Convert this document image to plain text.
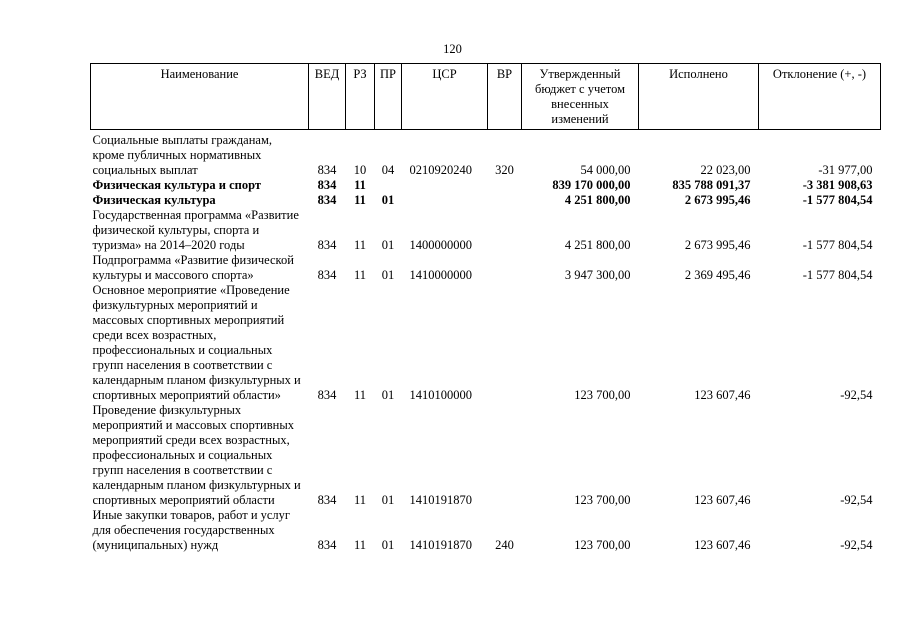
120
Наименование	ВЕД	РЗ	ПР	ЦСР	ВР	Утвержденный бюджет с учетом внесенных изменений	Исполнено	Отклонение (+, -)
Социальные выплаты гражданам, кроме публичных нормативных социальных выплат	834	10	04	0210920240	320	54 000,00	22 023,00	-31 977,00
Физическая культура и спорт	834	11				839 170 000,00	835 788 091,37	-3 381 908,63
Физическая культура	834	11	01			4 251 800,00	2 673 995,46	-1 577 804,54
Государственная программа «Развитие физической культуры, спорта и туризма» на 2014–2020 годы	834	11	01	1400000000		4 251 800,00	2 673 995,46	-1 577 804,54
Подпрограмма «Развитие физической культуры и массового спорта»	834	11	01	1410000000		3 947 300,00	2 369 495,46	-1 577 804,54
Основное мероприятие «Проведение физкультурных мероприятий и массовых спортивных мероприятий среди всех возрастных, профессиональных и социальных групп населения в соответствии с календарным планом физкультурных и спортивных мероприятий области»	834	11	01	1410100000		123 700,00	123 607,46	-92,54
Проведение физкультурных мероприятий и массовых спортивных мероприятий среди всех возрастных, профессиональных и социальных групп населения в соответствии с календарным планом физкультурных и спортивных мероприятий области	834	11	01	1410191870		123 700,00	123 607,46	-92,54
Иные закупки товаров, работ и услуг для обеспечения государственных (муниципальных) нужд	834	11	01	1410191870	240	123 700,00	123 607,46	-92,54
